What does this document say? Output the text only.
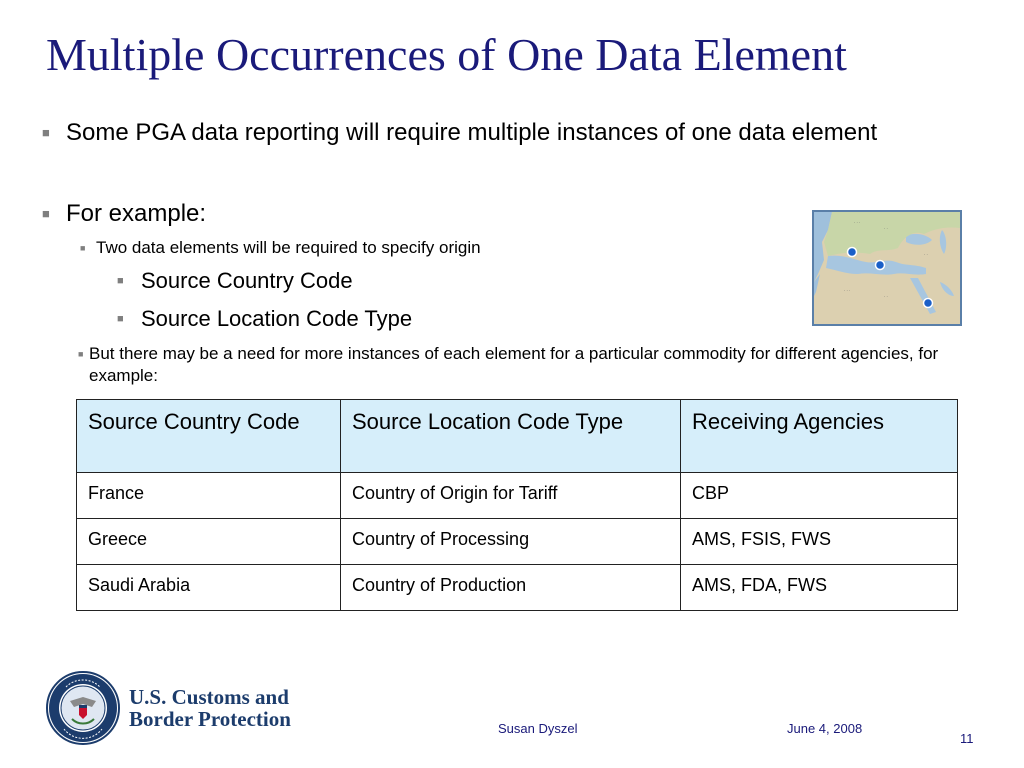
Multiple Occurrences of One Data Element
■ Some PGA data reporting will require multiple instances of one data element
■ For example:
■ Two data elements will be required to specify origin
■ Source Country Code
■ Source Location Code Type
■ But there may be a need for more instances of each element for a particular commodity for different agencies, for example:
· · ·
· ·
· · ·
· ·
· ·
Source Country Code	Source Location Code Type	Receiving Agencies
France	Country of Origin for Tariff	CBP
Greece	Country of Processing	AMS, FSIS, FWS
Saudi Arabia	Country of Production	AMS, FDA, FWS
U.S. Customs and
Border Protection	Susan Dyszel	June 4, 2008
11
